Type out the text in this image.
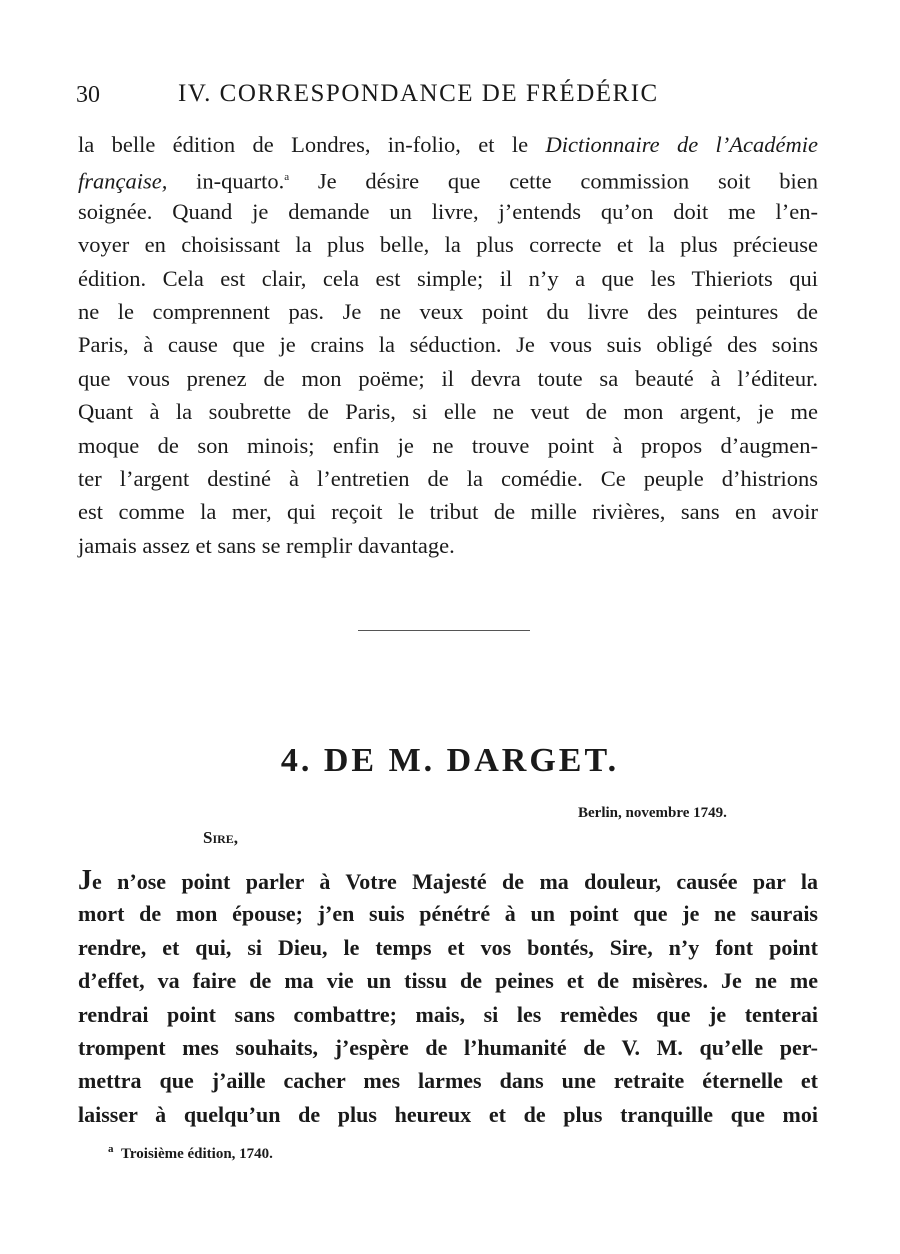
30	IV. CORRESPONDANCE DE FRÉDÉRIC
la belle édition de Londres, in-folio, et le Dictionnaire de l’Académie
française, in-quarto.$^a$ Je désire que cette commission soit bien
soignée. Quand je demande un livre, j’entends qu’on doit me l’en-
voyer en choisissant la plus belle, la plus correcte et la plus précieuse
édition. Cela est clair, cela est simple; il n’y a que les Thieriots qui
ne le comprennent pas. Je ne veux point du livre des peintures de
Paris, à cause que je crains la séduction. Je vous suis obligé des soins
que vous prenez de mon poëme; il devra toute sa beauté à l’éditeur.
Quant à la soubrette de Paris, si elle ne veut de mon argent, je me
moque de son minois; enfin je ne trouve point à propos d’augmen-
ter l’argent destiné à l’entretien de la comédie. Ce peuple d’histrions
est comme la mer, qui reçoit le tribut de mille rivières, sans en avoir
jamais assez et sans se remplir davantage.
4. DE M. DARGET.
Berlin, novembre 1749.
Sire,
Je n’ose point parler à Votre Majesté de ma douleur, causée par la
mort de mon épouse; j’en suis pénétré à un point que je ne saurais
rendre, et qui, si Dieu, le temps et vos bontés, Sire, n’y font point
d’effet, va faire de ma vie un tissu de peines et de misères. Je ne me
rendrai point sans combattre; mais, si les remèdes que je tenterai
trompent mes souhaits, j’espère de l’humanité de V. M. qu’elle per-
mettra que j’aille cacher mes larmes dans une retraite éternelle et
laisser à quelqu’un de plus heureux et de plus tranquille que moi
$^a$ Troisième édition, 1740.
